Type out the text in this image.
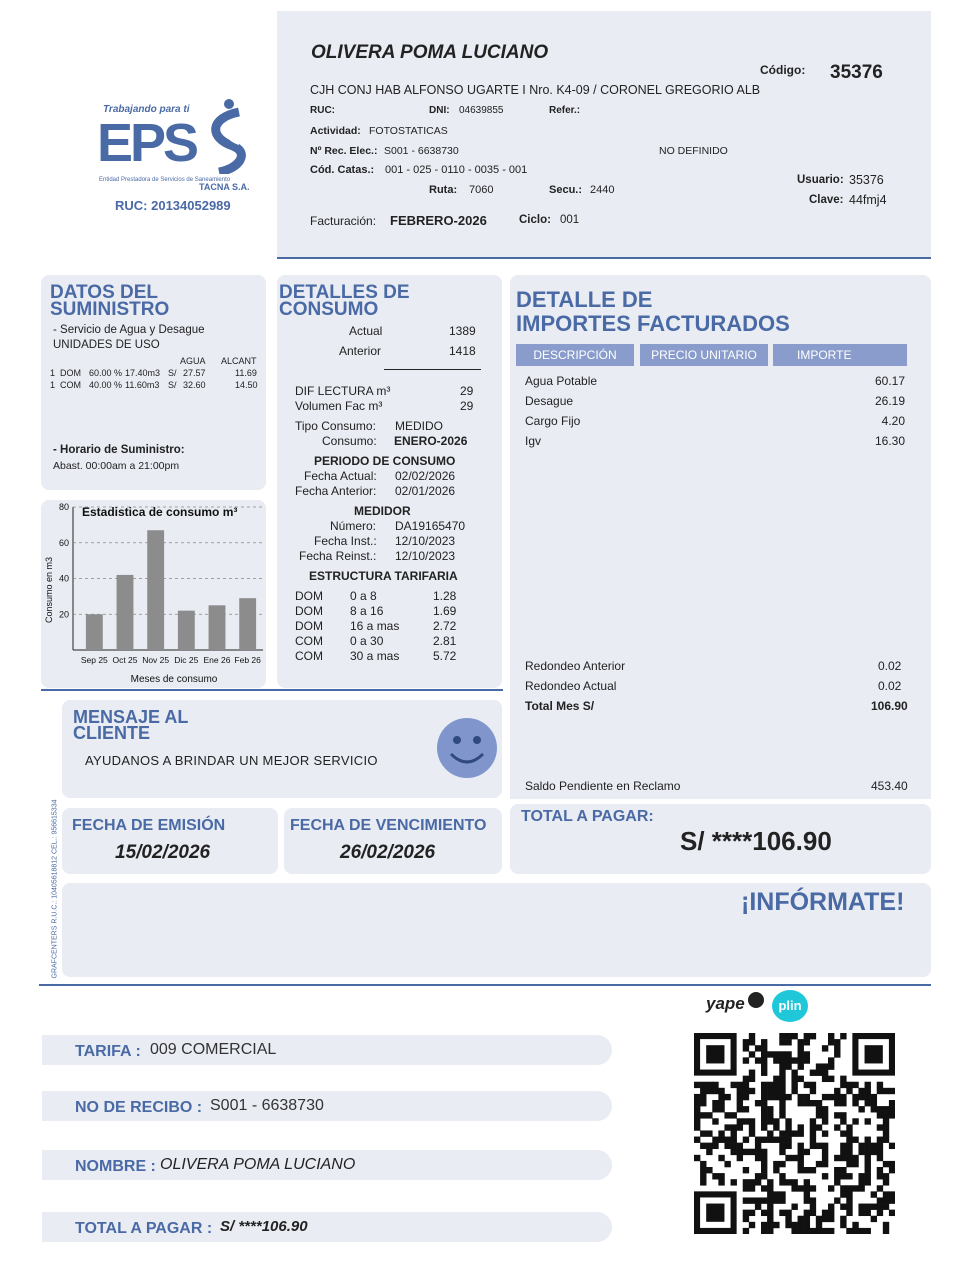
Trabajando para ti
EPS
Entidad Prestadora de Servicios de Saneamiento
TACNA S.A.
RUC: 20134052989
OLIVERA POMA LUCIANO
Código: 35376
CJH CONJ HAB ALFONSO UGARTE I Nro. K4-09 / CORONEL GREGORIO ALB
RUC:	DNI: 04639855	Refer.:
Actividad: FOTOSTATICAS
Nº Rec. Elec.: S001 - 6638730	NO DEFINIDO
Cód. Catas.: 001 - 025 - 0110 - 0035 - 001
Ruta: 7060	Secu.: 2440
Usuario: 35376
Clave: 44fmj4
Facturación: FEBRERO-2026	Ciclo: 001
DATOS DEL
SUMINISTRO
- Servicio de Agua y Desague
UNIDADES DE USO
AGUA ALCANT
1 DOM 60.00 % 17.40m3 S/ 27.57	11.69
1 COM 40.00 % 11.60m3 S/ 32.60	14.50
- Horario de Suministro:
Abast. 00:00am a 21:00pm
Consumo en m3
Meses de consumo
80
60
40
20
Sep 25 Oct 25 Nov 25 Dic 25 Ene 26 Feb 26
Estadistica de consumo m³
DETALLES DE
CONSUMO
Actual	1389
Anterior	1418
DIF LECTURA m³	29
Volumen Fac m³	29
Tipo Consumo: MEDIDO
Consumo: ENERO-2026
PERIODO DE CONSUMO
Fecha Actual: 02/02/2026
Fecha Anterior: 02/01/2026
MEDIDOR
Número: DA19165470
Fecha Inst.: 12/10/2023
Fecha Reinst.: 12/10/2023
ESTRUCTURA TARIFARIA
DOM 0 a 8	1.28
DOM 8 a 16	1.69
DOM 16 a mas	2.72
COM 0 a 30	2.81
COM 30 a mas	5.72
DETALLE DE
IMPORTES FACTURADOS
DESCRIPCIÓN	PRECIO UNITARIO	IMPORTE
Agua Potable	60.17
Desague	26.19
Cargo Fijo	4.20
Igv	16.30
Redondeo Anterior	0.02
Redondeo Actual	0.02
Total Mes S/	106.90
Saldo Pendiente en Reclamo	453.40
MENSAJE AL
CLIENTE
AYUDANOS A BRINDAR UN MEJOR SERVICIO
GRAFCENTERS R.U.C.: 10405618812 CEL.: 956615334 FECHA DE EMISIÓN
15/02/2026
FECHA DE VENCIMIENTO
26/02/2026
TOTAL A PAGAR:
S/ ****106.90
¡INFÓRMATE!
yape	plin
TARIFA : 009 COMERCIAL
NO DE RECIBO : S001 - 6638730
NOMBRE : OLIVERA POMA LUCIANO
TOTAL A PAGAR : S/ ****106.90
